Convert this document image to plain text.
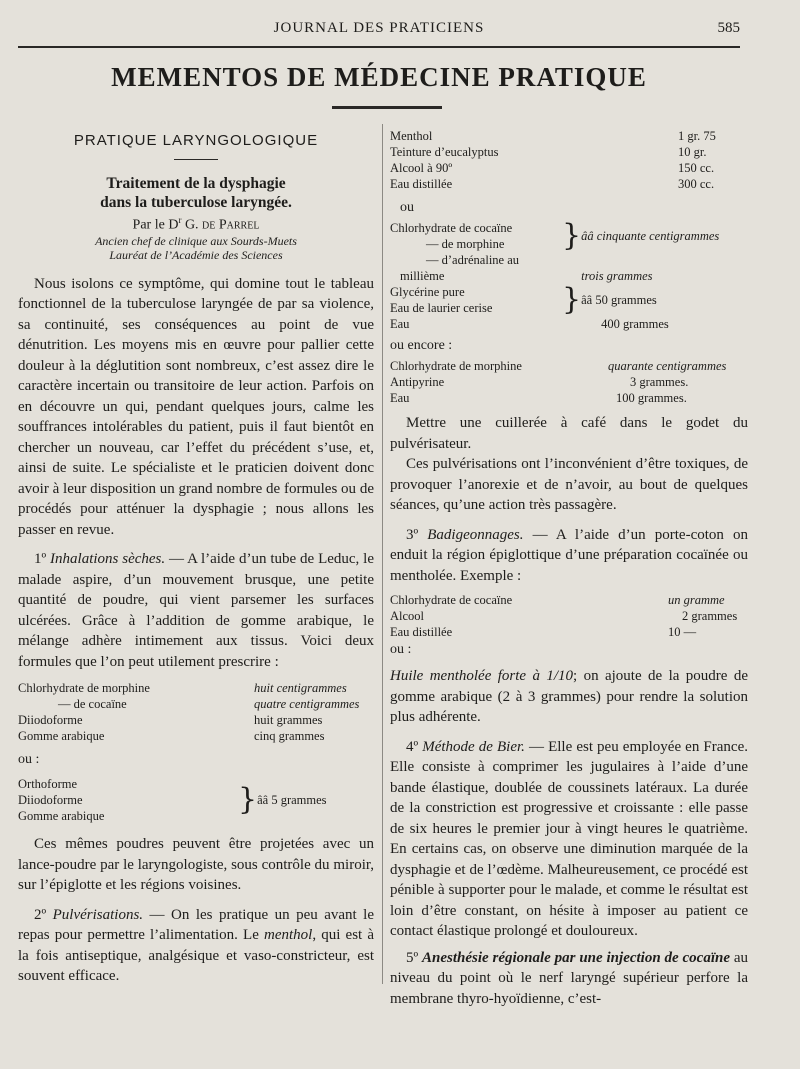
JOURNAL DES PRATICIENS	585
MEMENTOS DE MÉDECINE PRATIQUE
PRATIQUE LARYNGOLOGIQUE
Traitement de la dysphagie
dans la tuberculose laryngée.
Par le $D^r$ G. de Parrel
Ancien chef de clinique aux Sourds-Muets
Lauréat de l’Académie des Sciences

Nous isolons ce symptôme, qui domine tout le tableau fonctionnel de la tuberculose laryngée de par sa violence, sa continuité, ses conséquences au point de vue dénutrition. Les moyens mis en œuvre pour pallier cette douleur à la déglutition sont nombreux, c’est assez dire le caractère incertain ou transitoire de leur action. Parfois on en découvre un qui, pendant quelques jours, calme les souffrances intolérables du patient, puis il faut bientôt en chercher un nouveau, car l’effet du précédent s’use, et, ainsi de suite. Le spécialiste et le praticien doivent donc avoir à leur disposition un grand nombre de formules ou de procédés pour atténuer la dysphagie ; nous allons les passer en revue.

1º Inhalations sèches. — A l’aide d’un tube de Leduc, le malade aspire, d’un mouvement brusque, une petite quantité de poudre, qui vient parsemer les surfaces ulcérées. Grâce à l’addition de gomme arabique, le mélange adhère intimement aux tissus. Voici deux formules que l’on peut utilement prescrire :

Chlorhydrate de morphine	huit centigrammes
— de cocaïne	quatre centigrammes
Diiodoforme	huit grammes
Gomme arabique	cinq grammes
ou :
Orthoforme	}	ââ 5 grammes
Diiodoforme
Gomme arabique

Ces mêmes poudres peuvent être projetées avec un lance-poudre par le laryngologiste, sous contrôle du miroir, sur l’épiglotte et les régions voisines.

2º Pulvérisations. — On les pratique un peu avant le repas pour permettre l’alimentation. Le menthol, qui est à la fois antiseptique, analgésique et vaso-constricteur, est souvent efficace.

Menthol	1 gr. 75
Teinture d’eucalyptus	10 gr.
Alcool à 90º	150 cc.
Eau distillée	300 cc.
ou
Chlorhydrate de cocaïne	}	ââ cinquante centigrammes
— de morphine		
— d’adrénaline au		
millième		trois grammes
Glycérine pure	}	ââ 50 grammes
Eau de laurier cerise		
Eau		400 grammes
ou encore :
Chlorhydrate de morphine	quarante centigrammes
Antipyrine	3 grammes.
Eau	100 grammes.

Mettre une cuillerée à café dans le godet du pulvérisateur.

Ces pulvérisations ont l’inconvénient d’être toxiques, de provoquer l’anorexie et de n’avoir, au bout de quelques séances, qu’une action très passagère.

3º Badigeonnages. — A l’aide d’un porte-coton on enduit la région épiglottique d’une préparation cocaïnée ou mentholée. Exemple :

Chlorhydrate de cocaïne	un gramme
Alcool	2 grammes
Eau distillée	10 —
ou :

Huile mentholée forte à 1/10; on ajoute de la poudre de gomme arabique (2 à 3 grammes) pour rendre la solution plus adhérente.

4º Méthode de Bier. — Elle est peu employée en France. Elle consiste à comprimer les jugulaires à l’aide d’une bande élastique, doublée de coussinets latéraux. La durée de la constriction est progressive et croissante : elle passe de six heures le premier jour à vingt heures le quatrième. En certains cas, on observe une diminution marquée de la dysphagie et de l’œdème. Malheureusement, ce procédé est pénible à supporter pour le malade, et comme le résultat est loin d’être constant, on hésite à imposer au patient ce contact élastique prolongé et douloureux.

5º Anesthésie régionale par une injection de cocaïne au niveau du point où le nerf laryngé supérieur perfore la membrane thyro-hyoïdienne, c’est-
